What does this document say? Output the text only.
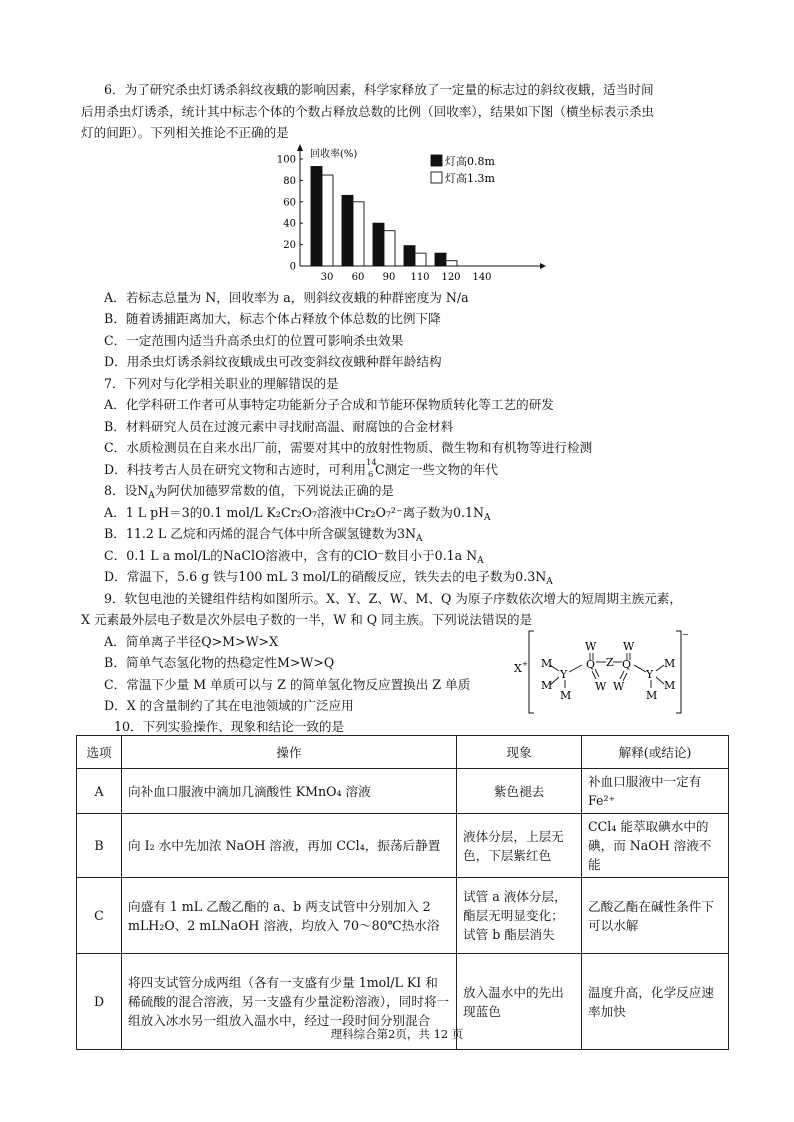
6．为了研究杀虫灯诱杀斜纹夜蛾的影响因素，科学家释放了一定量的标志过的斜纹夜蛾，适当时间
后用杀虫灯诱杀，统计其中标志个体的个数占释放总数的比例（回收率），结果如下图（横坐标表示杀虫
灯的间距）。下列相关推论不正确的是
回收率(%)
0
20
40
60
80
100
30 60 90 110 120 140
灯高0.8m
灯高1.3m
A．若标志总量为 N，回收率为 a，则斜纹夜蛾的种群密度为 N/a
B．随着诱捕距离加大，标志个体占释放个体总数的比例下降
C．一定范围内适当升高杀虫灯的位置可影响杀虫效果
D．用杀虫灯诱杀斜纹夜蛾成虫可改变斜纹夜蛾种群年龄结构
7．下列对与化学相关职业的理解错误的是
A．化学科研工作者可从事特定功能新分子合成和节能环保物质转化等工艺的研发
B．材料研究人员在过渡元素中寻找耐高温、耐腐蚀的合金材料
C．水质检测员在自来水出厂前，需要对其中的放射性物质、微生物和有机物等进行检测
D．科技考古人员在研究文物和古迹时，可利用 14
6 C测定一些文物的年代
8．设$N_A$为阿伏加德罗常数的值，下列说法正确的是
A．1 L pH＝3的0.1 mol/L K₂Cr₂O₇溶液中Cr₂O₇²⁻离子数为$0.1N_A$
B．11.2 L 乙烷和丙烯的混合气体中所含碳氢键数为$3N_A$
C．0.1 L a mol/L的NaClO溶液中，含有的ClO⁻数目小于0.1a $N_A$
D．常温下，5.6 g 铁与100 mL 3 mol/L的硝酸反应，铁失去的电子数为$0.3N_A$
9．软包电池的关键组件结构如图所示。X、Y、Z、W、M、Q 为原子序数依次增大的短周期主族元素，
X 元素最外层电子数是次外层电子数的一半，W 和 Q 同主族。下列说法错误的是
A．简单离子半径Q>M>W>X
B．简单气态氢化物的热稳定性M>W>Q
C．常温下少量 M 单质可以与 Z 的简单氢化物反应置换出 Z 单质
D．X 的含量制约了其在电池领域的广泛应用
X +
−
M
M
Y
M
Q
W
W
Z Q
W
W
Y
M
M
M
10．下列实验操作、现象和结论一致的是
选项	操作	现象	解释(或结论)
A	向补血口服液中滴加几滴酸性 KMnO₄ 溶液	紫色褪去	补血口服液中一定有 Fe²⁺
B	向 I₂ 水中先加浓 NaOH 溶液，再加 CCl₄，振荡后静置	液体分层，上层无色，下层紫红色	CCl₄ 能萃取碘水中的碘，而 NaOH 溶液不能
C	向盛有 1 mL 乙酸乙酯的 a、b 两支试管中分别加入 2 mLH₂O、2 mLNaOH 溶液，均放入 70～80℃热水浴	试管 a 液体分层，酯层无明显变化；试管 b 酯层消失	乙酸乙酯在碱性条件下可以水解
D	将四支试管分成两组（各有一支盛有少量 1mol/L KI 和稀硫酸的混合溶液，另一支盛有少量淀粉溶液），同时将一组放入冰水另一组放入温水中，经过一段时间分别混合	放入温水中的先出现蓝色	温度升高，化学反应速率加快
理科综合第2页，共 12 页
